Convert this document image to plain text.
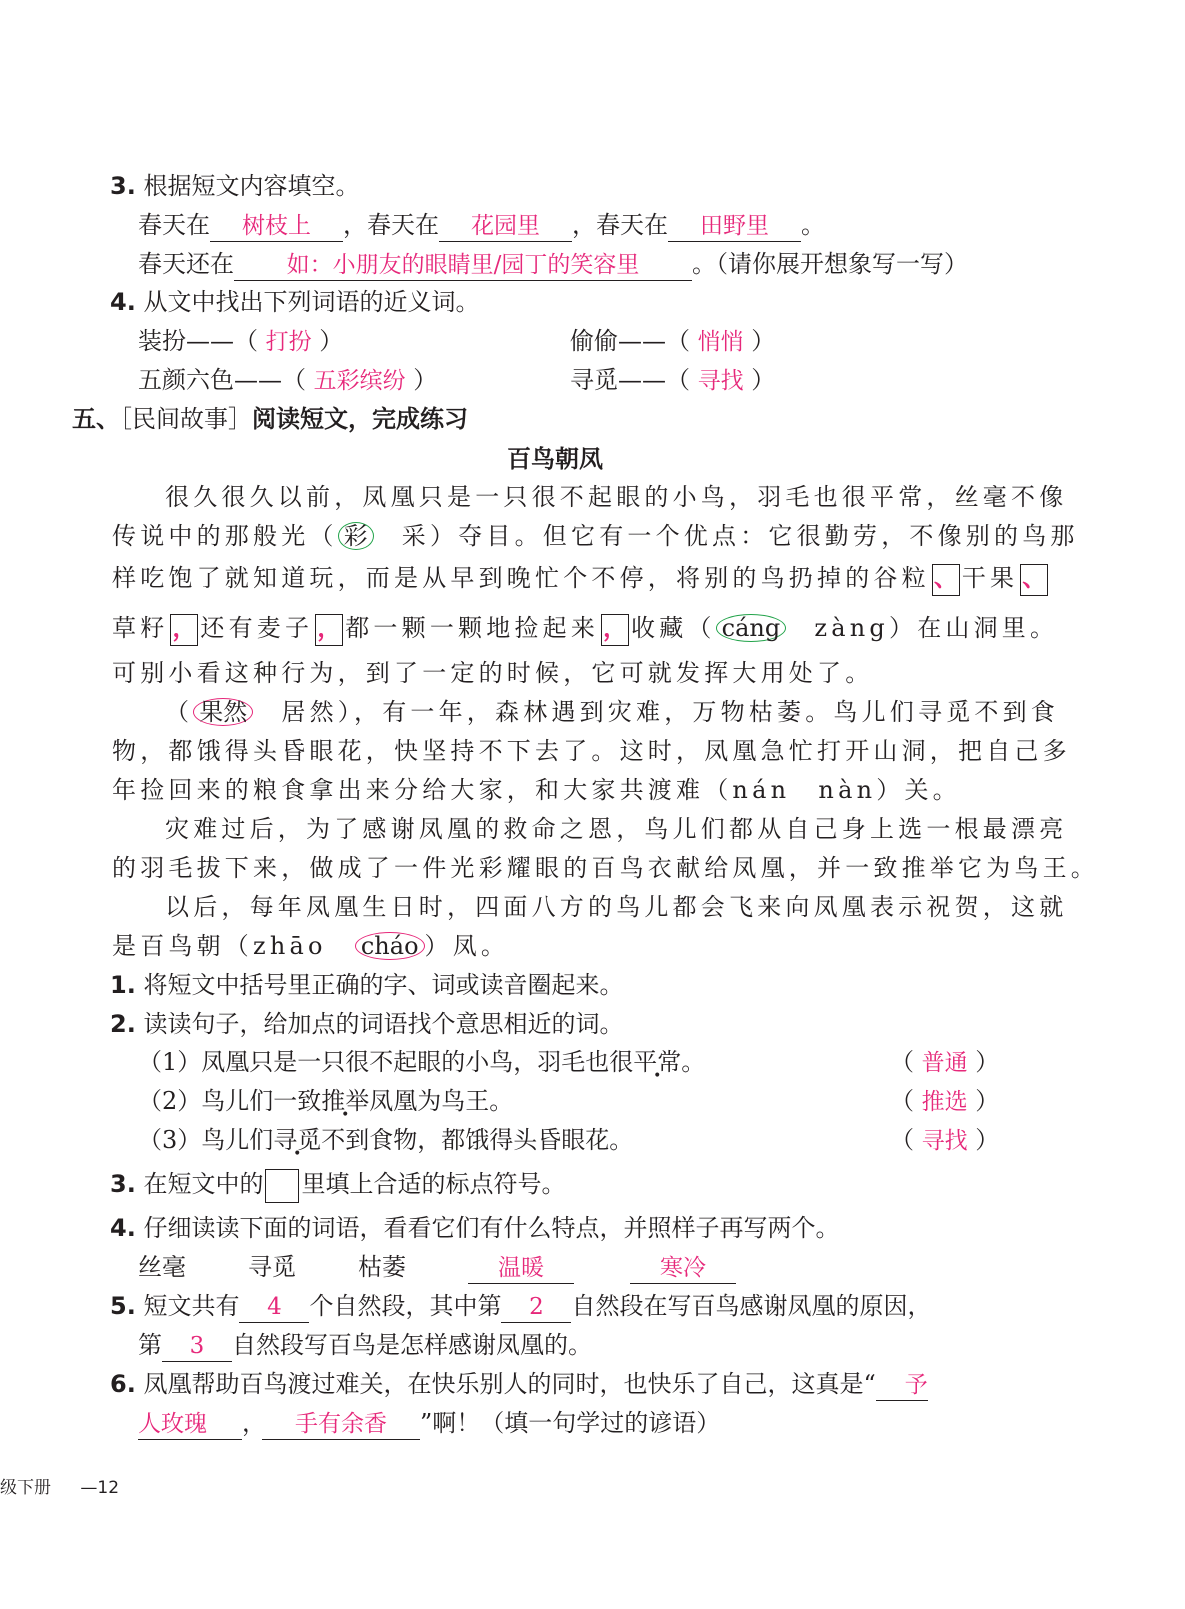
3. 根据短文内容填空。
春天在 树枝上 ，春天在 花园里 ，春天在 田野里 。
春天还在 如：小朋友的眼睛里/园丁的笑容里 。（请你展开想象写一写）
4. 从文中找出下列词语的近义词。
装扮——（ 打扮 ）	偷偷——（ 悄悄 ）
五颜六色——（ 五彩缤纷 ）	寻觅——（ 寻找 ）
五、［民间故事］阅读短文，完成练习
百鸟朝凤
很久很久以前，凤凰只是一只很不起眼的小鸟，羽毛也很平常，丝毫不像
传说中的那般光（ 彩　采）夺目。但它有一个优点：它很勤劳，不像别的鸟那
样吃饱了就知道玩，而是从早到晚忙个不停，将别的鸟扔掉的谷粒 、 干果 、
草籽 ， 还有麦子 ， 都一颗一颗地捡起来 ， 收藏（ cáng　zàng）在山洞里。
可别小看这种行为，到了一定的时候，它可就发挥大用处了。
（ 果然　居然），有一年，森林遇到灾难，万物枯萎。鸟儿们寻觅不到食
物，都饿得头昏眼花，快坚持不下去了。这时，凤凰急忙打开山洞，把自己多
年捡回来的粮食拿出来分给大家，和大家共渡难（nán　nàn）关。
灾难过后，为了感谢凤凰的救命之恩，鸟儿们都从自己身上选一根最漂亮
的羽毛拔下来，做成了一件光彩耀眼的百鸟衣献给凤凰，并一致推举它为鸟王。
以后，每年凤凰生日时，四面八方的鸟儿都会飞来向凤凰表示祝贺，这就
是百鸟朝（zhāo　cháo ）凤。
1. 将短文中括号里正确的字、词或读音圈起来。
2. 读读句子，给加点的词语找个意思相近的词。
（1）凤凰只是一只很不起眼的小鸟，羽毛也很平常。	（ 普通 ）
（2）鸟儿们一致推举凤凰为鸟王。	（ 推选 ）
（3）鸟儿们寻觅不到食物，都饿得头昏眼花。	（ 寻找 ）
3. 在短文中的 里填上合适的标点符号。
4. 仔细读读下面的词语，看看它们有什么特点，并照样子再写两个。
丝毫	寻觅	枯萎	温暖	寒冷
5. 短文共有 4 个自然段，其中第 2 自然段在写百鸟感谢凤凰的原因，
第 3 自然段写百鸟是怎样感谢凤凰的。
6. 凤凰帮助百鸟渡过难关，在快乐别人的同时，也快乐了自己，这真是“ 予
人玫瑰 ， 手有余香 ”啊！（填一句学过的谚语）
级下册 —12
